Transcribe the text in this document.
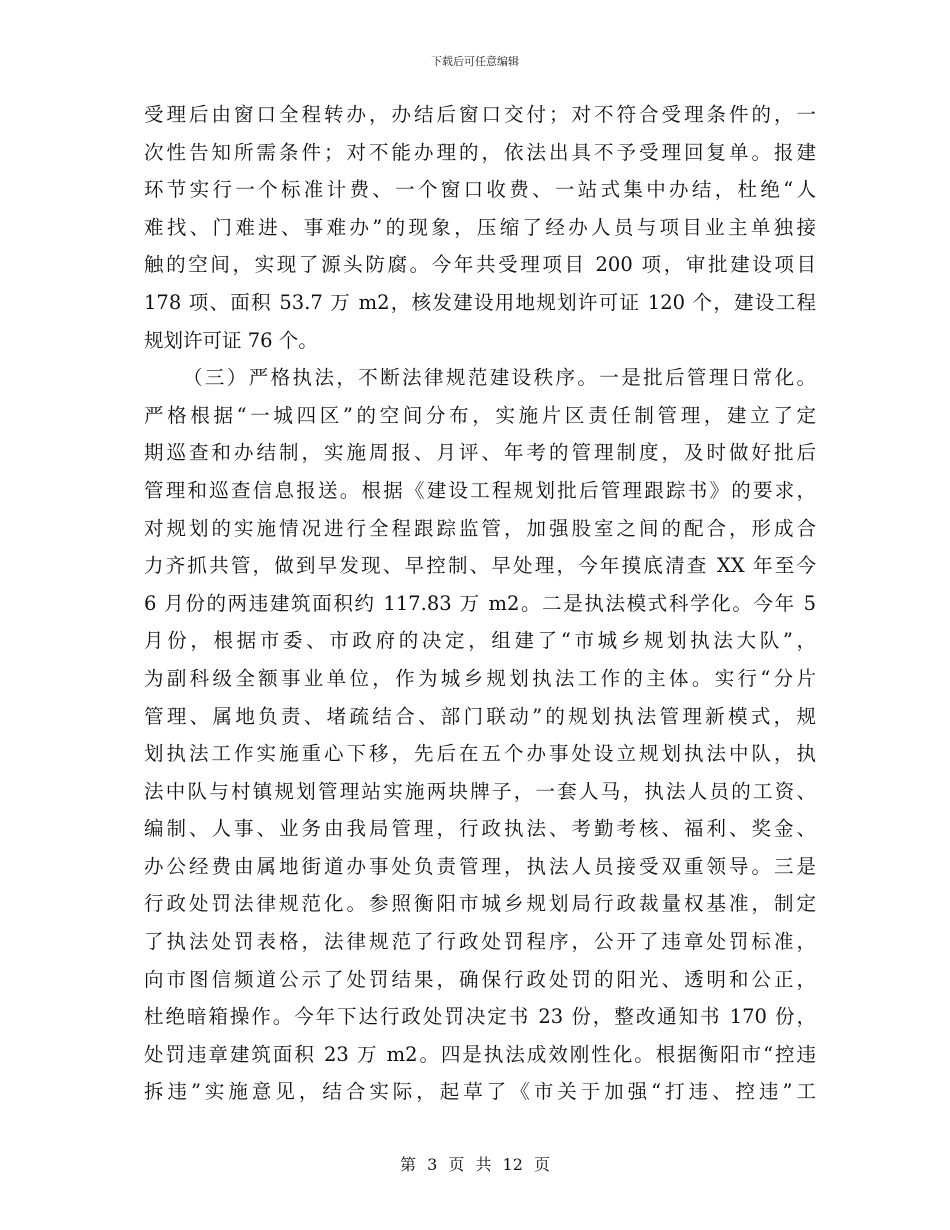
下载后可任意编辑
受理后由窗口全程转办，办结后窗口交付；对不符合受理条件的，一
次性告知所需条件；对不能办理的，依法出具不予受理回复单。报建
环节实行一个标准计费、一个窗口收费、一站式集中办结，杜绝“人
难找、门难进、事难办”的现象，压缩了经办人员与项目业主单独接
触的空间，实现了源头防腐。今年共受理项目 200 项，审批建设项目
178 项、面积 53.7 万 m2，核发建设用地规划许可证 120 个，建设工程
规划许可证 76 个。
（三）严格执法，不断法律规范建设秩序。一是批后管理日常化。
严格根据“一城四区”的空间分布，实施片区责任制管理，建立了定
期巡查和办结制，实施周报、月评、年考的管理制度，及时做好批后
管理和巡查信息报送。根据《建设工程规划批后管理跟踪书》的要求，
对规划的实施情况进行全程跟踪监管，加强股室之间的配合，形成合
力齐抓共管，做到早发现、早控制、早处理，今年摸底清查 XX 年至今
6 月份的两违建筑面积约 117.83 万 m2。二是执法模式科学化。今年 5
月份，根据市委、市政府的决定，组建了“市城乡规划执法大队”，
为副科级全额事业单位，作为城乡规划执法工作的主体。实行“分片
管理、属地负责、堵疏结合、部门联动”的规划执法管理新模式，规
划执法工作实施重心下移，先后在五个办事处设立规划执法中队，执
法中队与村镇规划管理站实施两块牌子，一套人马，执法人员的工资、
编制、人事、业务由我局管理，行政执法、考勤考核、福利、奖金、
办公经费由属地街道办事处负责管理，执法人员接受双重领导。三是
行政处罚法律规范化。参照衡阳市城乡规划局行政裁量权基准，制定
了执法处罚表格，法律规范了行政处罚程序，公开了违章处罚标准，
向市图信频道公示了处罚结果，确保行政处罚的阳光、透明和公正，
杜绝暗箱操作。今年下达行政处罚决定书 23 份，整改通知书 170 份，
处罚违章建筑面积 23 万 m2。四是执法成效刚性化。根据衡阳市“控违
拆违”实施意见，结合实际，起草了《市关于加强“打违、控违”工
第 3 页 共 12 页
